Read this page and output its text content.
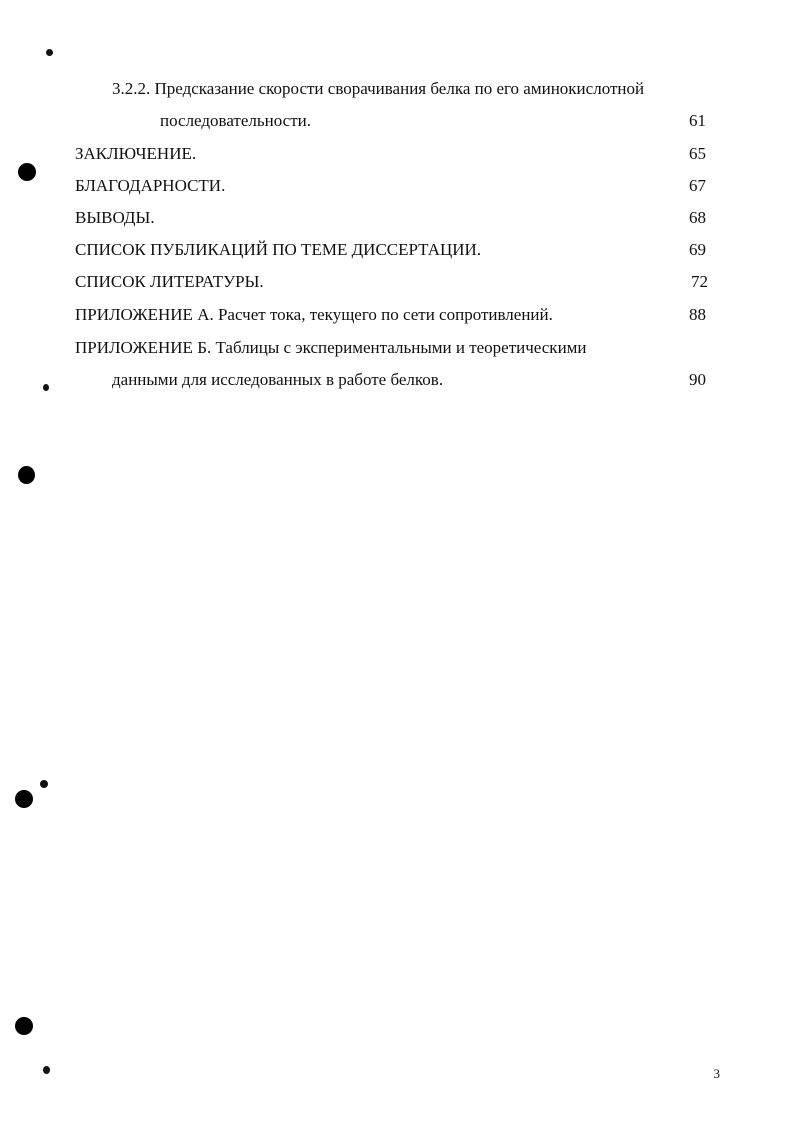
3.2.2. Предсказание скорости сворачивания белка по его аминокислотной
последовательности.	61
ЗАКЛЮЧЕНИЕ.	65
БЛАГОДАРНОСТИ.	67
ВЫВОДЫ.	68
СПИСОК ПУБЛИКАЦИЙ ПО ТЕМЕ ДИССЕРТАЦИИ.	69
СПИСОК ЛИТЕРАТУРЫ.	72
ПРИЛОЖЕНИЕ А. Расчет тока, текущего по сети сопротивлений.	88
ПРИЛОЖЕНИЕ Б. Таблицы с экспериментальными и теоретическими
данными для исследованных в работе белков.	90
3
